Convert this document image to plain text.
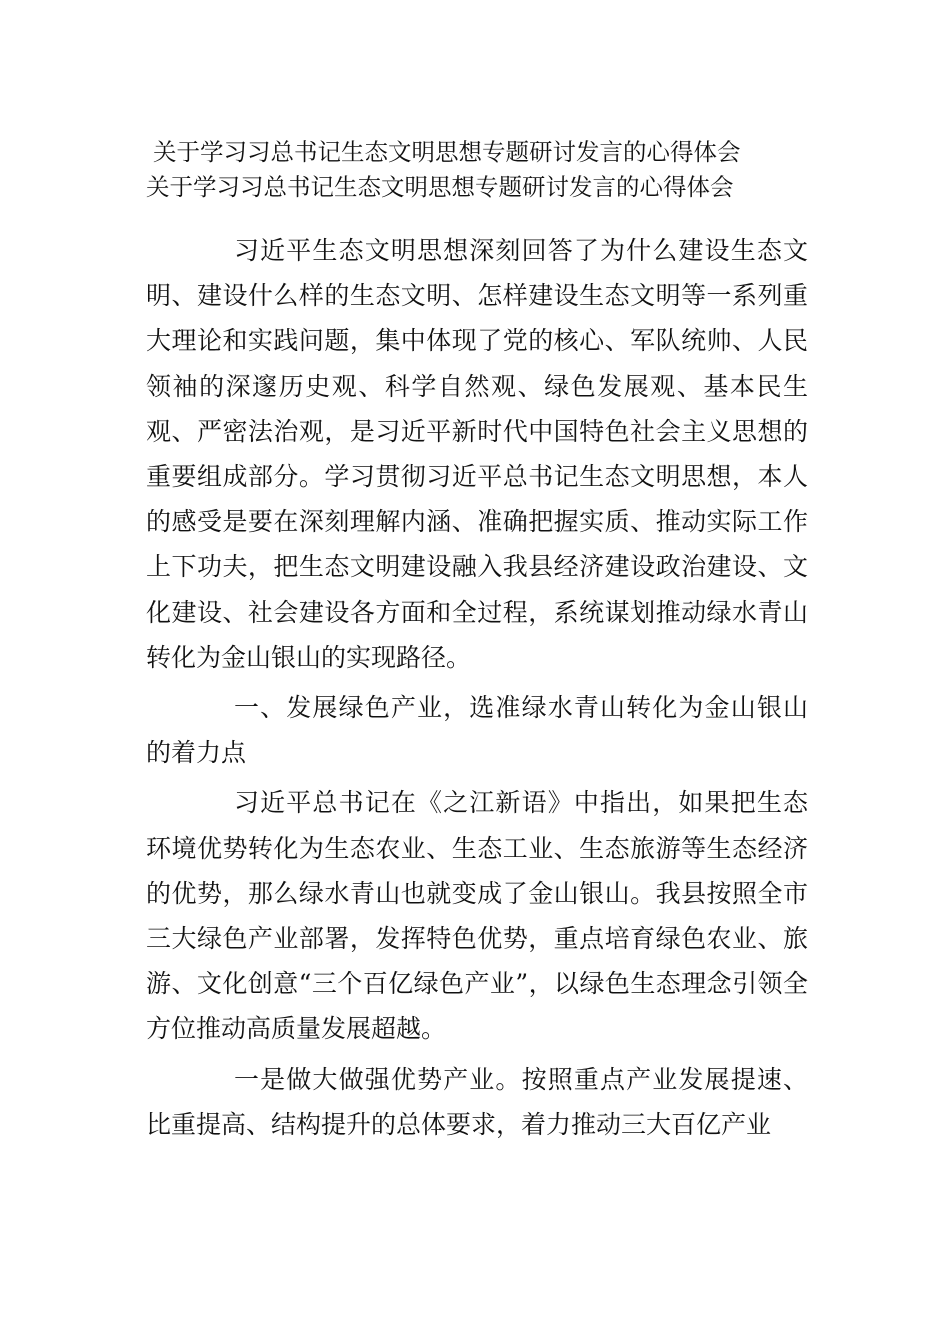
关于学习习总书记生态文明思想专题研讨发言的心得体会
关于学习习总书记生态文明思想专题研讨发言的心得体会

习近平生态文明思想深刻回答了为什么建设生态文明、建设什么样的生态文明、怎样建设生态文明等一系列重大理论和实践问题，集中体现了党的核心、军队统帅、人民领袖的深邃历史观、科学自然观、绿色发展观、基本民生观、严密法治观，是习近平新时代中国特色社会主义思想的重要组成部分。学习贯彻习近平总书记生态文明思想，本人的感受是要在深刻理解内涵、准确把握实质、推动实际工作上下功夫，把生态文明建设融入我县经济建设政治建设、文化建设、社会建设各方面和全过程，系统谋划推动绿水青山转化为金山银山的实现路径。

一、发展绿色产业，选准绿水青山转化为金山银山的着力点

习近平总书记在《之江新语》中指出，如果把生态环境优势转化为生态农业、生态工业、生态旅游等生态经济的优势，那么绿水青山也就变成了金山银山。我县按照全市三大绿色产业部署，发挥特色优势，重点培育绿色农业、旅游、文化创意“三个百亿绿色产业”，以绿色生态理念引领全方位推动高质量发展超越。

一是做大做强优势产业。按照重点产业发展提速、比重提高、结构提升的总体要求，着力推动三大百亿产业
